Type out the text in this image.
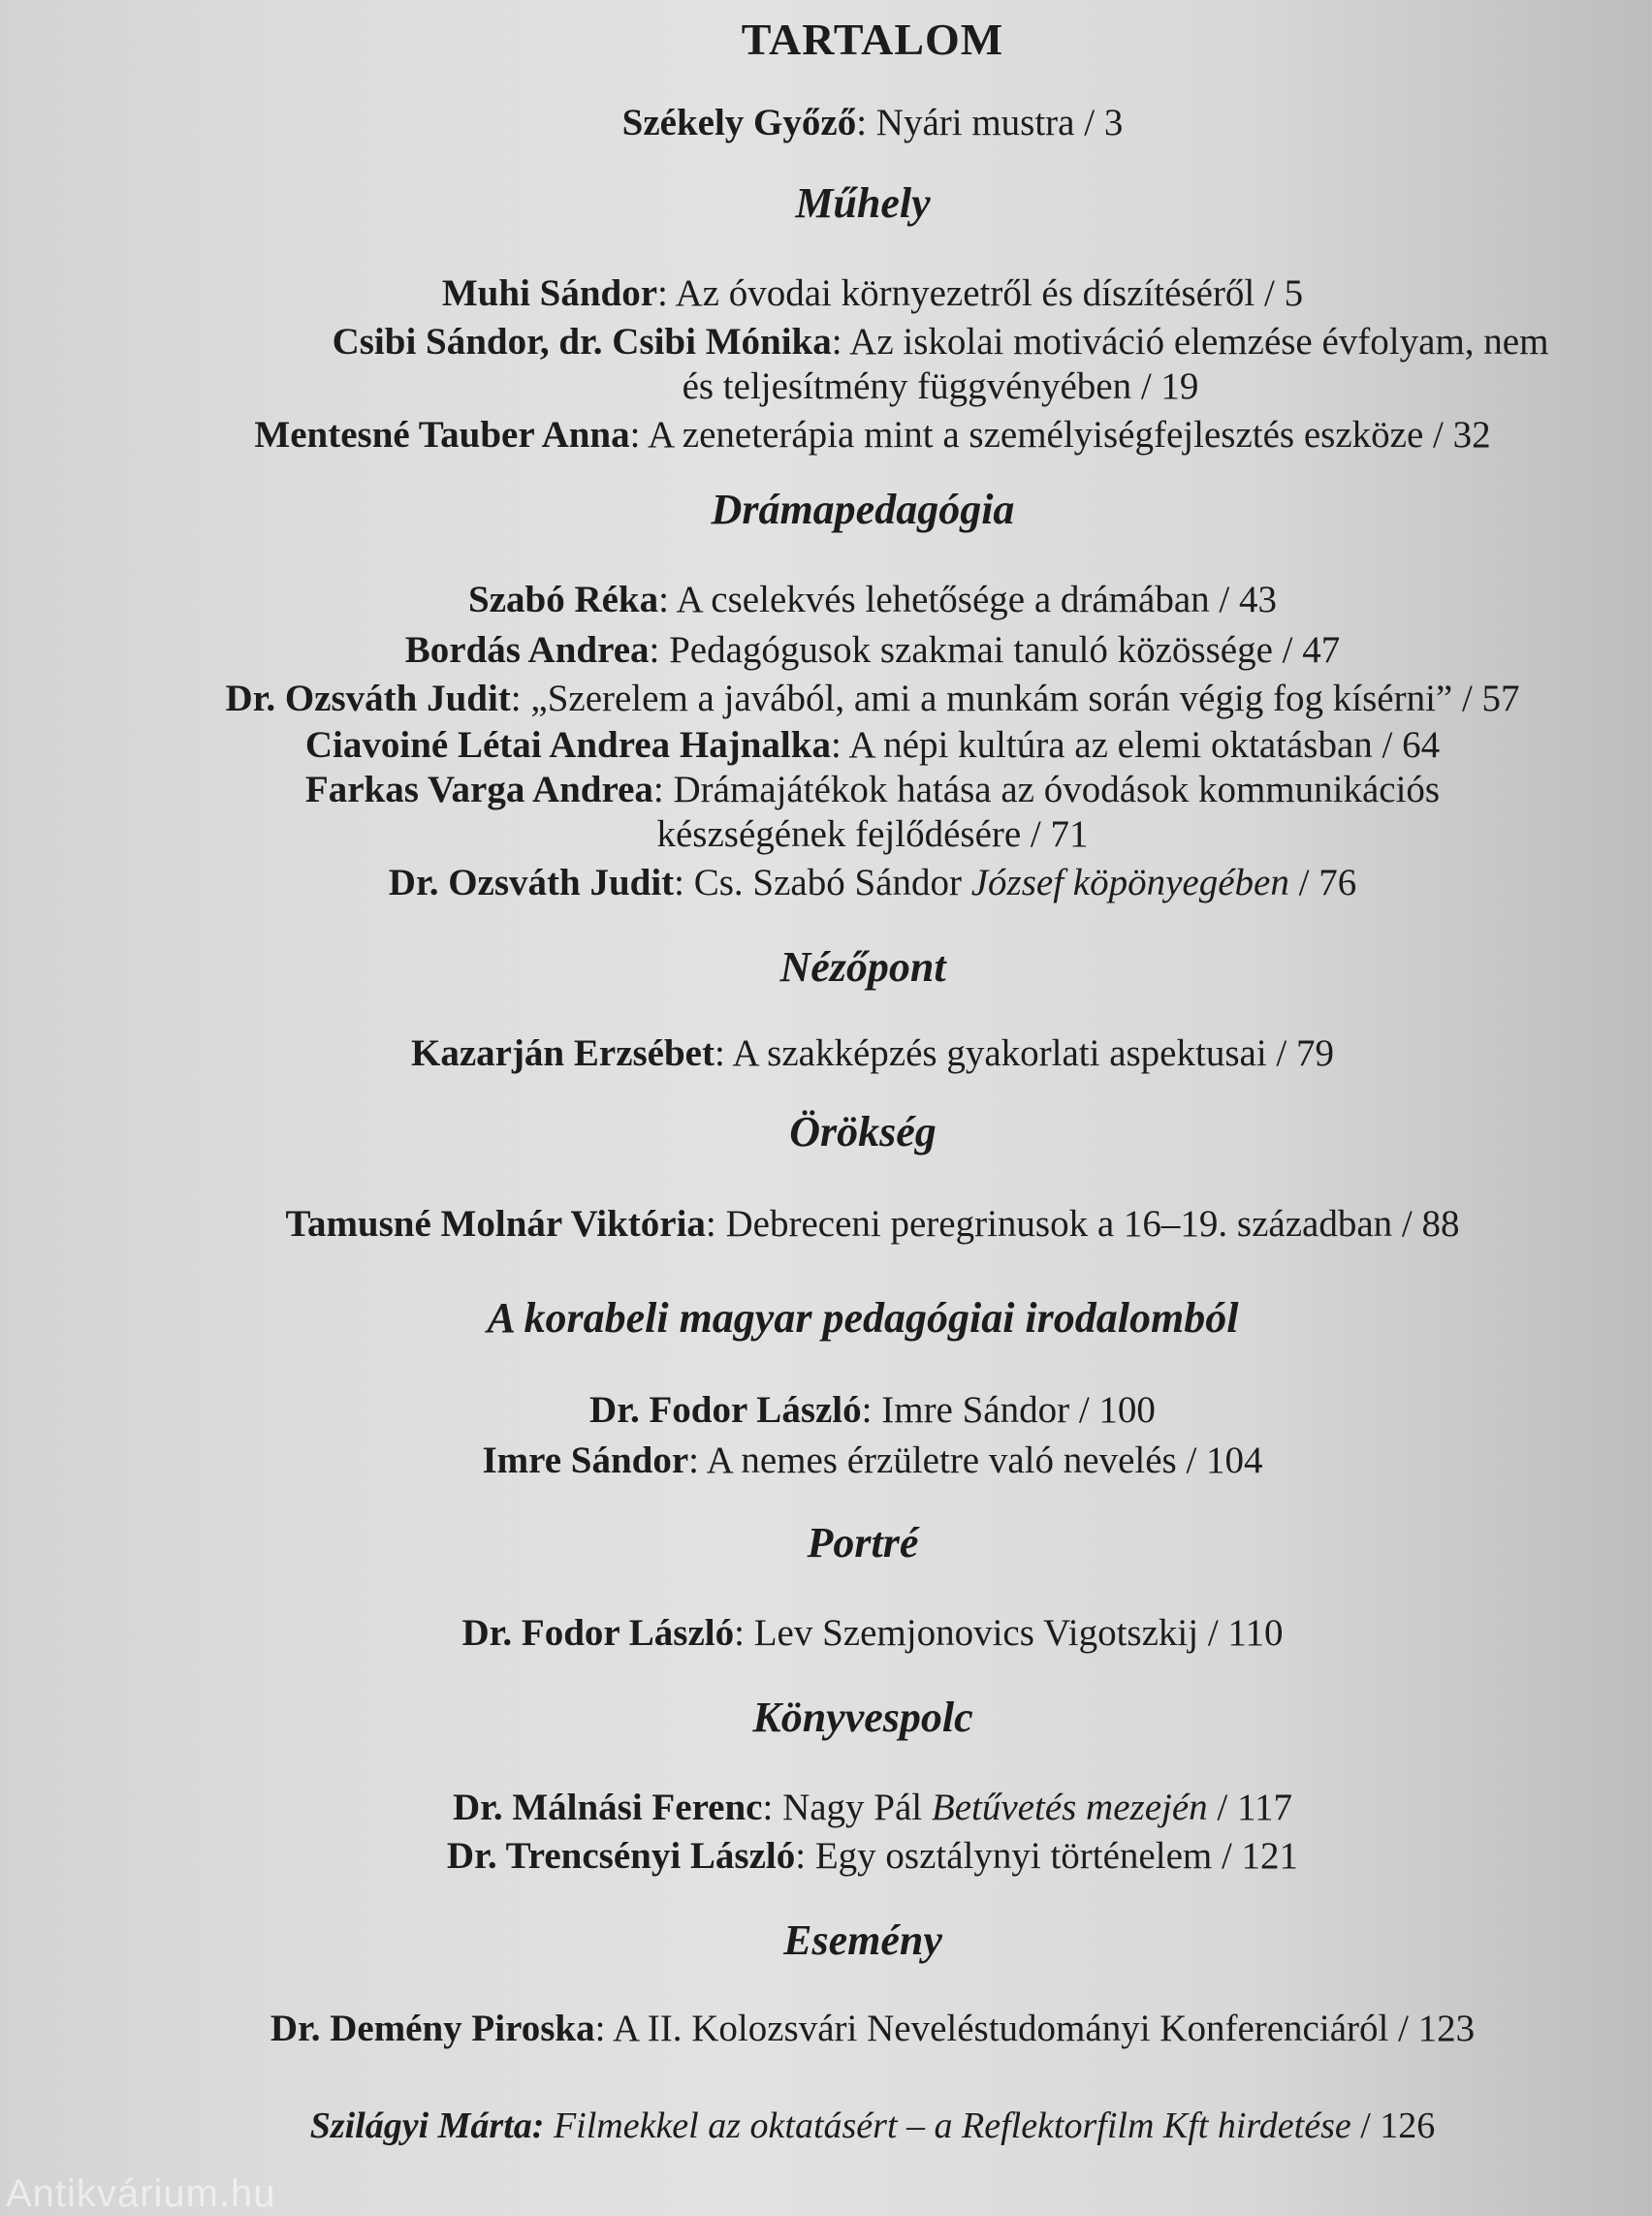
TARTALOM
Székely Győző: Nyári mustra / 3
Műhely
Muhi Sándor: Az óvodai környezetről és díszítéséről / 5
Csibi Sándor, dr. Csibi Mónika: Az iskolai motiváció elemzése évfolyam, nem
és teljesítmény függvényében / 19
Mentesné Tauber Anna: A zeneterápia mint a személyiségfejlesztés eszköze / 32
Drámapedagógia
Szabó Réka: A cselekvés lehetősége a drámában / 43
Bordás Andrea: Pedagógusok szakmai tanuló közössége / 47
Dr. Ozsváth Judit: „Szerelem a javából, ami a munkám során végig fog kísérni” / 57
Ciavoiné Létai Andrea Hajnalka: A népi kultúra az elemi oktatásban / 64
Farkas Varga Andrea: Drámajátékok hatása az óvodások kommunikációs
készségének fejlődésére / 71
Dr. Ozsváth Judit: Cs. Szabó Sándor József köpönyegében / 76
Nézőpont
Kazarján Erzsébet: A szakképzés gyakorlati aspektusai / 79
Örökség
Tamusné Molnár Viktória: Debreceni peregrinusok a 16–19. században / 88
A korabeli magyar pedagógiai irodalomból
Dr. Fodor László: Imre Sándor / 100
Imre Sándor: A nemes érzületre való nevelés / 104
Portré
Dr. Fodor László: Lev Szemjonovics Vigotszkij / 110
Könyvespolc
Dr. Málnási Ferenc: Nagy Pál Betűvetés mezején / 117
Dr. Trencsényi László: Egy osztálynyi történelem / 121
Esemény
Dr. Demény Piroska: A II. Kolozsvári Neveléstudományi Konferenciáról / 123
Szilágyi Márta: Filmekkel az oktatásért – a Reflektorfilm Kft hirdetése / 126
Antikvárium.hu
